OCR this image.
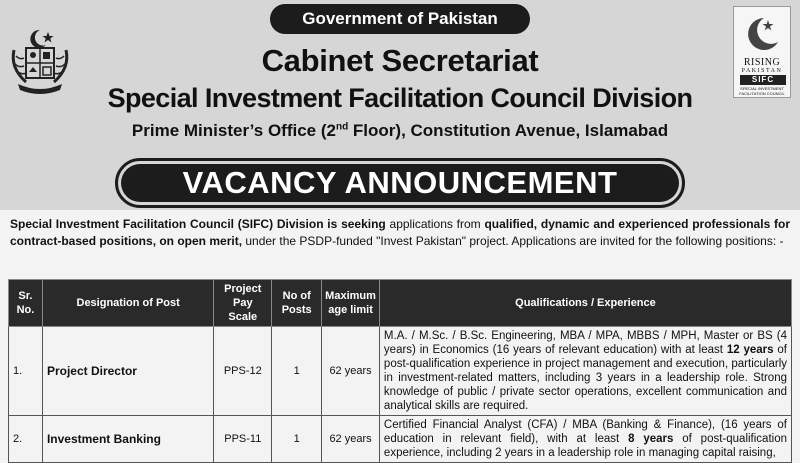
Government of Pakistan
RISING
PAKISTAN
SIFC
SPECIAL INVESTMENT FACILITATION COUNCIL
Cabinet Secretariat
Special Investment Facilitation Council Division
Prime Minister’s Office (2nd Floor), Constitution Avenue, Islamabad
VACANCY ANNOUNCEMENT
Special Investment Facilitation Council (SIFC) Division is seeking applications from qualified, dynamic and experienced professionals for contract-based positions, on open merit, under the PSDP-funded "Invest Pakistan" project. Applications are invited for the following positions: -
Sr. No.	Designation of Post	Project Pay Scale	No of Posts	Maximum age limit	Qualifications / Experience
1.	Project Director	PPS-12	1	62 years	M.A. / M.Sc. / B.Sc. Engineering, MBA / MPA, MBBS / MPH, Master or BS (4 years) in Economics (16 years of relevant education) with at least 12 years of post-qualification experience in project management and execution, particularly in investment-related matters, including 3 years in a leadership role. Strong knowledge of public / private sector operations, excellent communication and analytical skills are required.
2.	Investment Banking	PPS-11	1	62 years	Certified Financial Analyst (CFA) / MBA (Banking & Finance), (16 years of education in relevant field), with at least 8 years of post-qualification experience, including 2 years in a leadership role in managing capital raising,
